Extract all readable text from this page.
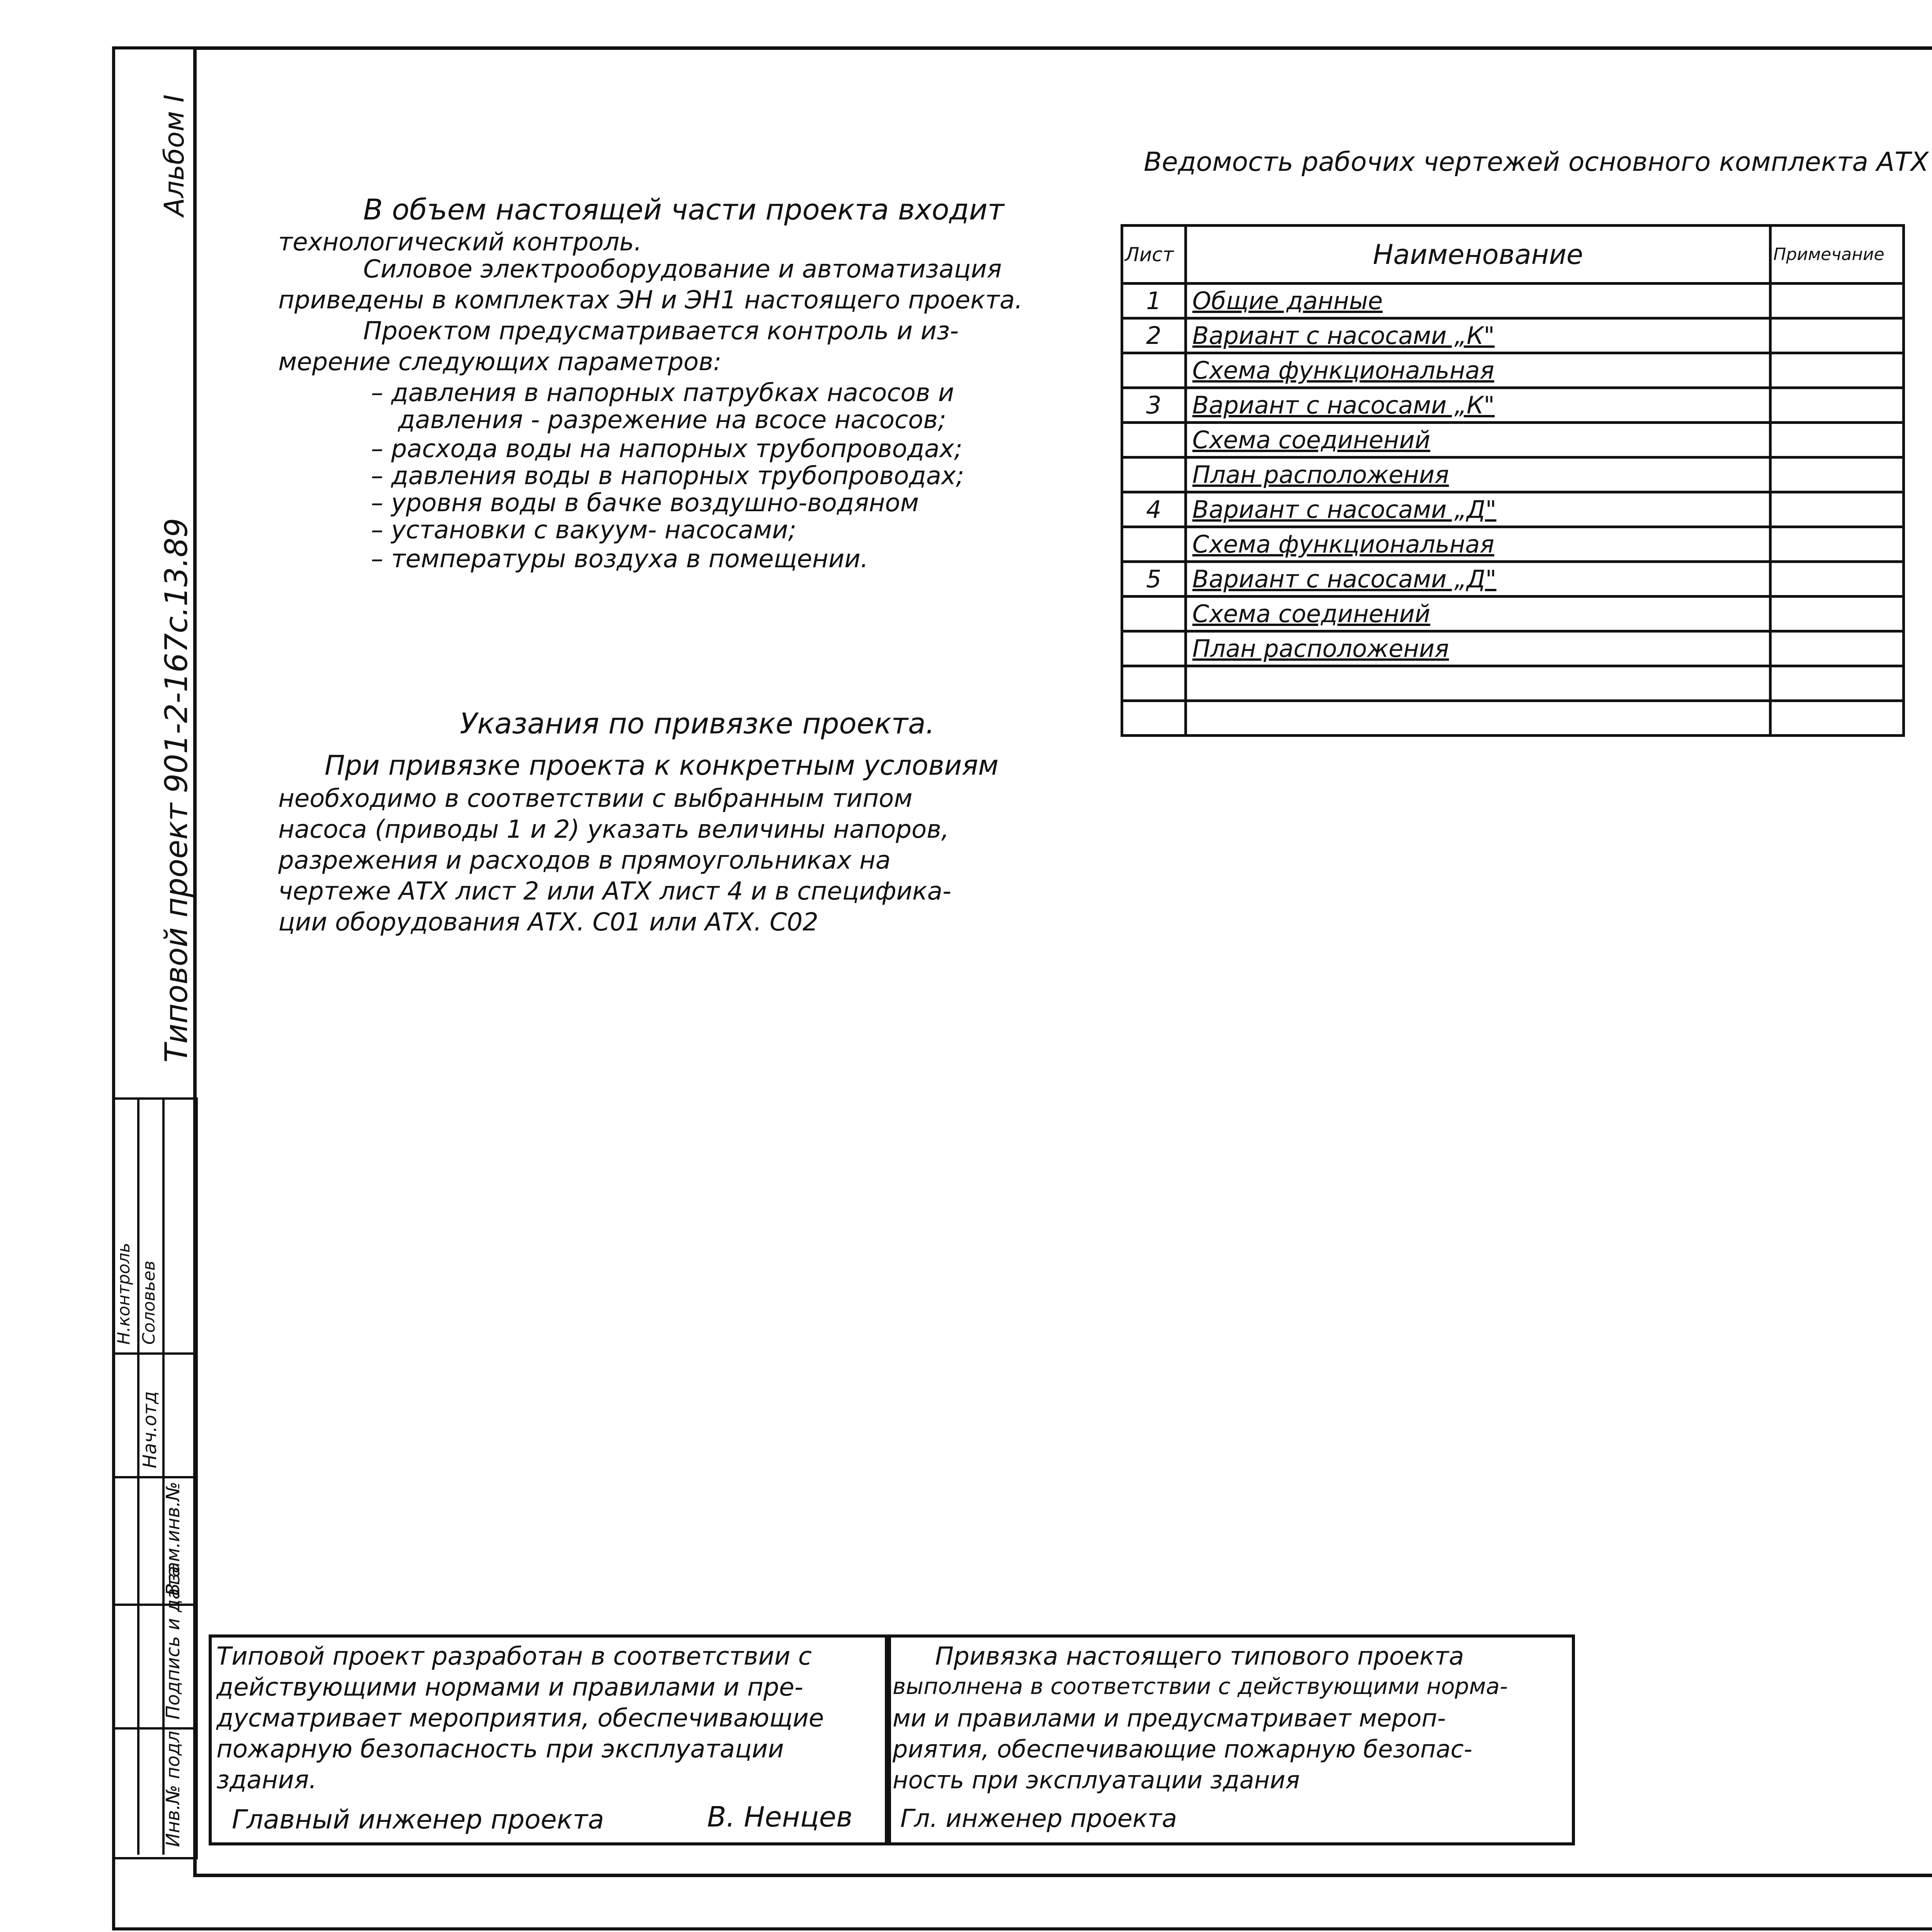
Альбом I
Типовой проект 901-2-167с.13.89
Инв.№ подл.
Подпись и дата
Взам.инв.№
Нач.отд
Соловьев
Н.контроль
В объем настоящей части проекта входит
технологический контроль.
Силовое электрооборудование и автоматизация
приведены в комплектах ЭН и ЭН1 настоящего проекта.
Проектом предусматривается контроль и из-
мерение следующих параметров:
– давления в напорных патрубках насосов и
давления - разрежение на всосе насосов;
– расхода воды на напорных трубопроводах;
– давления воды в напорных трубопроводах;
– уровня воды в бачке воздушно-водяном
– установки с вакуум- насосами;
– температуры воздуха в помещении.
Указания по привязке проекта.
При привязке проекта к конкретным условиям
необходимо в соответствии с выбранным типом
насоса (приводы 1 и 2) указать величины напоров,
разрежения и расходов в прямоугольниках на
чертеже АТХ лист 2 или АТХ лист 4 и в специфика-
ции оборудования АТХ. С01 или АТХ. С02
Ведомость рабочих чертежей основного комплекта АТХ
Лист	Наименование	Примечание
1	Общие данные	
2	Вариант с насосами „К"	
	Схема функциональная	
3	Вариант с насосами „К"	
	Схема соединений	
	План расположения	
4	Вариант с насосами „Д"	
	Схема функциональная	
5	Вариант с насосами „Д"	
	Схема соединений	
	План расположения	

Типовой проект разработан в соответствии с
действующими нормами и правилами и пре-
дусматривает мероприятия, обеспечивающие
пожарную безопасность при эксплуатации
здания.
Главный инженер проекта	В. Ненцев
Привязка настоящего типового проекта
выполнена в соответствии с действующими норма-
ми и правилами и предусматривает мероп-
риятия, обеспечивающие пожарную безопас-
ность при эксплуатации здания
Гл. инженер проекта
